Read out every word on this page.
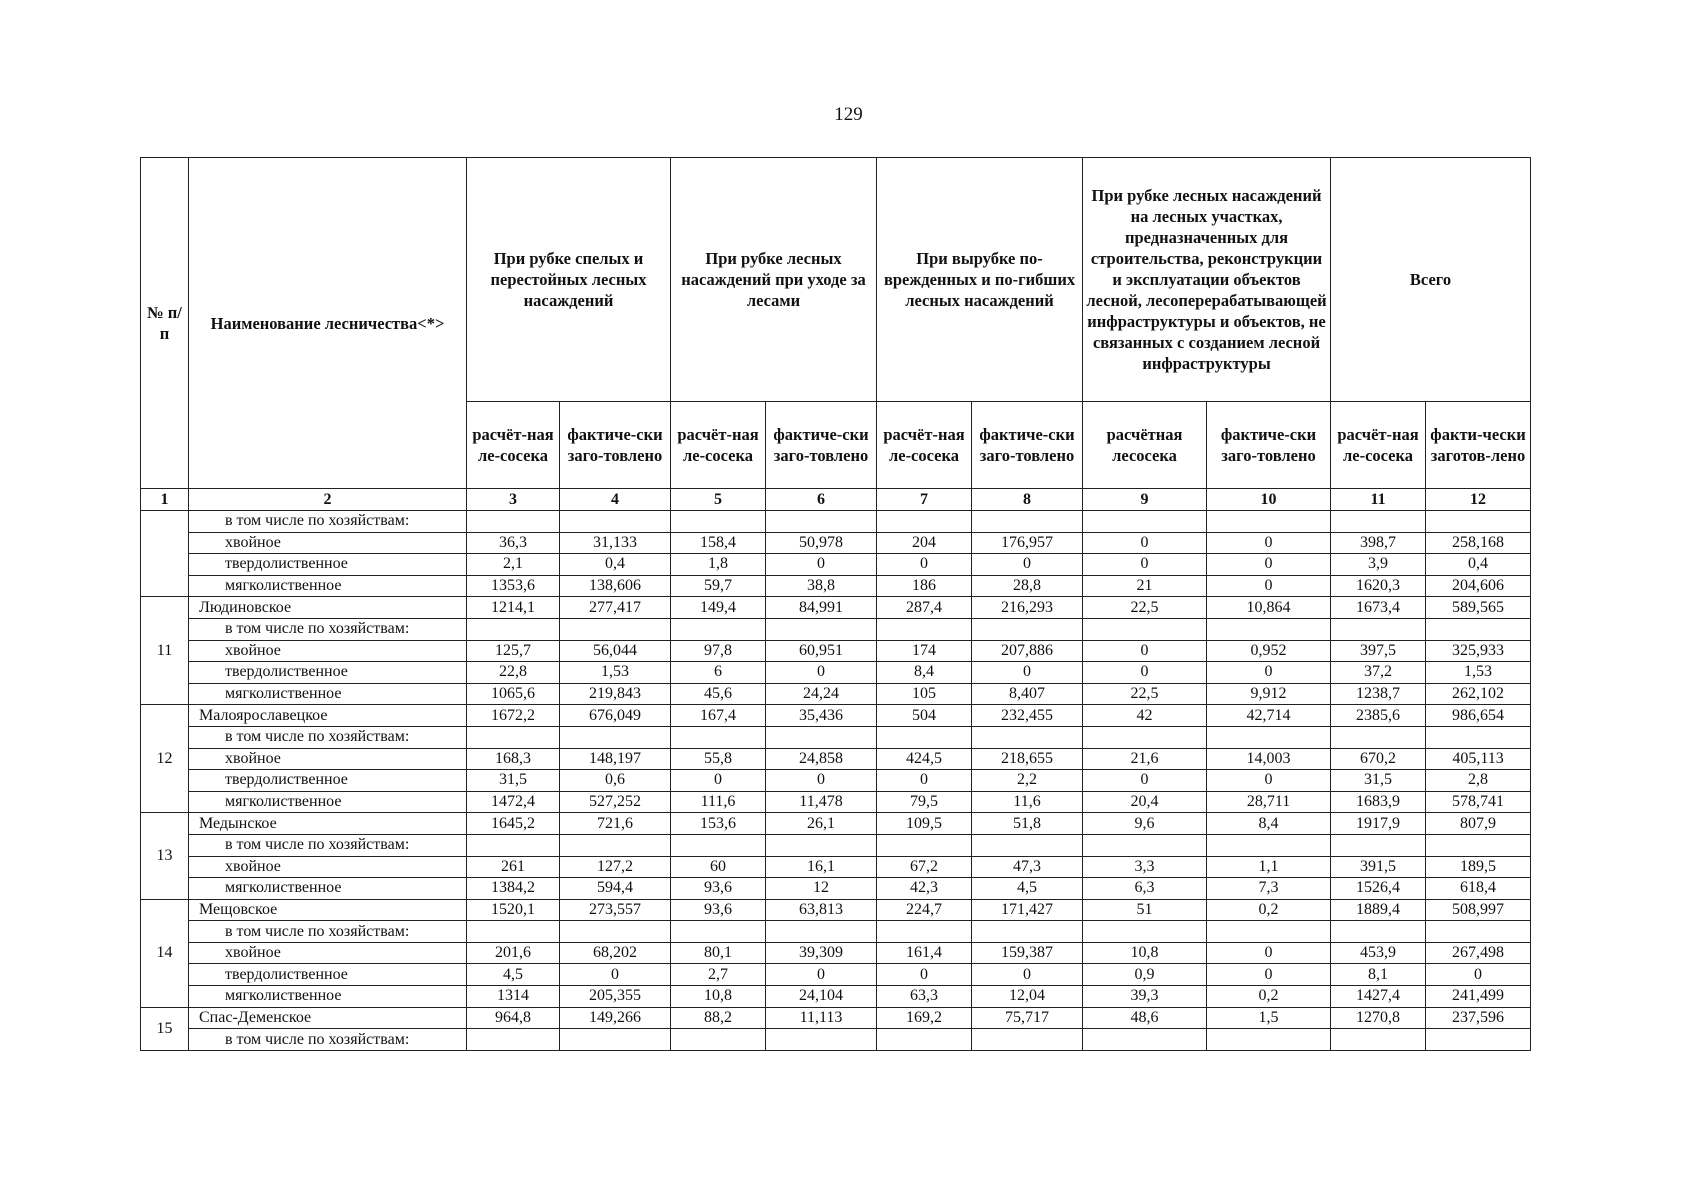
129
№ п/п	Наименование лесничества<*>	При рубке спелых и перестойных лесных насаждений		При рубке лесных насаждений при уходе за лесами		При вырубке по-врежденных и по-гибших лесных насаждений		При рубке лесных насаждений на лесных участках, предназначенных для строительства, реконструкции и эксплуатации объектов лесной, лесоперерабатывающей инфраструктуры и объектов, не связанных с созданием лесной инфраструктуры		Всего	
		расчёт-ная ле-сосека	фактиче-ски заго-товлено	расчёт-ная ле-сосека	фактиче-ски заго-товлено	расчёт-ная ле-сосека	фактиче-ски заго-товлено	расчётная лесосека	фактиче-ски заго-товлено	расчёт-ная ле-сосека	факти-чески заготов-лено
1	2	3	4	5	6	7	8	9	10	11	12
	в том числе по хозяйствам:										
	хвойное	36,3	31,133	158,4	50,978	204	176,957	0	0	398,7	258,168
	твердолиственное	2,1	0,4	1,8	0	0	0	0	0	3,9	0,4
	мягколиственное	1353,6	138,606	59,7	38,8	186	28,8	21	0	1620,3	204,606
11	Людиновское	1214,1	277,417	149,4	84,991	287,4	216,293	22,5	10,864	1673,4	589,565
	в том числе по хозяйствам:										
	хвойное	125,7	56,044	97,8	60,951	174	207,886	0	0,952	397,5	325,933
	твердолиственное	22,8	1,53	6	0	8,4	0	0	0	37,2	1,53
	мягколиственное	1065,6	219,843	45,6	24,24	105	8,407	22,5	9,912	1238,7	262,102
12	Малоярославецкое	1672,2	676,049	167,4	35,436	504	232,455	42	42,714	2385,6	986,654
	в том числе по хозяйствам:										
	хвойное	168,3	148,197	55,8	24,858	424,5	218,655	21,6	14,003	670,2	405,113
	твердолиственное	31,5	0,6	0	0	0	2,2	0	0	31,5	2,8
	мягколиственное	1472,4	527,252	111,6	11,478	79,5	11,6	20,4	28,711	1683,9	578,741
13	Медынское	1645,2	721,6	153,6	26,1	109,5	51,8	9,6	8,4	1917,9	807,9
	в том числе по хозяйствам:										
	хвойное	261	127,2	60	16,1	67,2	47,3	3,3	1,1	391,5	189,5
	мягколиственное	1384,2	594,4	93,6	12	42,3	4,5	6,3	7,3	1526,4	618,4
14	Мещовское	1520,1	273,557	93,6	63,813	224,7	171,427	51	0,2	1889,4	508,997
	в том числе по хозяйствам:										
	хвойное	201,6	68,202	80,1	39,309	161,4	159,387	10,8	0	453,9	267,498
	твердолиственное	4,5	0	2,7	0	0	0	0,9	0	8,1	0
	мягколиственное	1314	205,355	10,8	24,104	63,3	12,04	39,3	0,2	1427,4	241,499
15	Спас-Деменское	964,8	149,266	88,2	11,113	169,2	75,717	48,6	1,5	1270,8	237,596
	в том числе по хозяйствам:										
